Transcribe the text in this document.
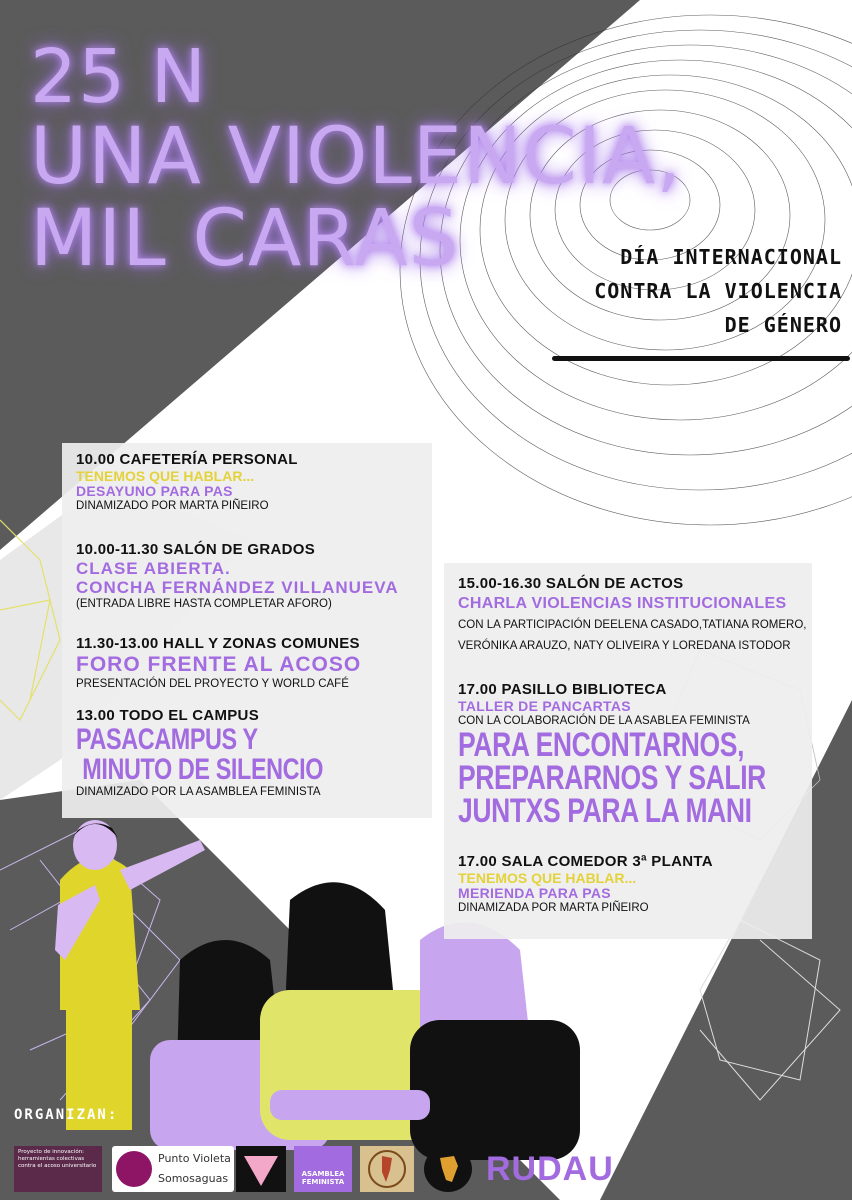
25 N
UNA VIOLENCIA,
MIL CARAS	DÍA INTERNACIONAL
CONTRA LA VIOLENCIA
DE GÉNERO
10.00 CAFETERÍA PERSONAL
TENEMOS QUE HABLAR...
DESAYUNO PARA PAS
DINAMIZADO POR MARTA PIÑEIRO
10.00-11.30 SALÓN DE GRADOS
CLASE ABIERTA.
CONCHA FERNÁNDEZ VILLANUEVA
(ENTRADA LIBRE HASTA COMPLETAR AFORO)
11.30-13.00 HALL Y ZONAS COMUNES
FORO FRENTE AL ACOSO
PRESENTACIÓN DEL PROYECTO Y WORLD CAFÉ
13.00 TODO EL CAMPUS
PASACAMPUS Y
MINUTO DE SILENCIO
DINAMIZADO POR LA ASAMBLEA FEMINISTA
15.00-16.30 SALÓN DE ACTOS
CHARLA VIOLENCIAS INSTITUCIONALES
CON LA PARTICIPACIÓN DEELENA CASADO,TATIANA ROMERO,
VERÓNIKA ARAUZO, NATY OLIVEIRA Y LOREDANA ISTODOR
17.00 PASILLO BIBLIOTECA
TALLER DE PANCARTAS
CON LA COLABORACIÓN DE LA ASABLEA FEMINISTA
PARA ENCONTARNOS,
PREPARARNOS Y SALIR
JUNTXS PARA LA MANI
17.00 SALA COMEDOR 3ª PLANTA
TENEMOS QUE HABLAR...
MERIENDA PARA PAS
DINAMIZADA POR MARTA PIÑEIRO
ORGANIZAN:
Proyecto de innovación: herramientas colectivas contra el acoso universitario
Punto Violeta
Somosaguas	ASAMBLEA FEMINISTA	RUDAU
